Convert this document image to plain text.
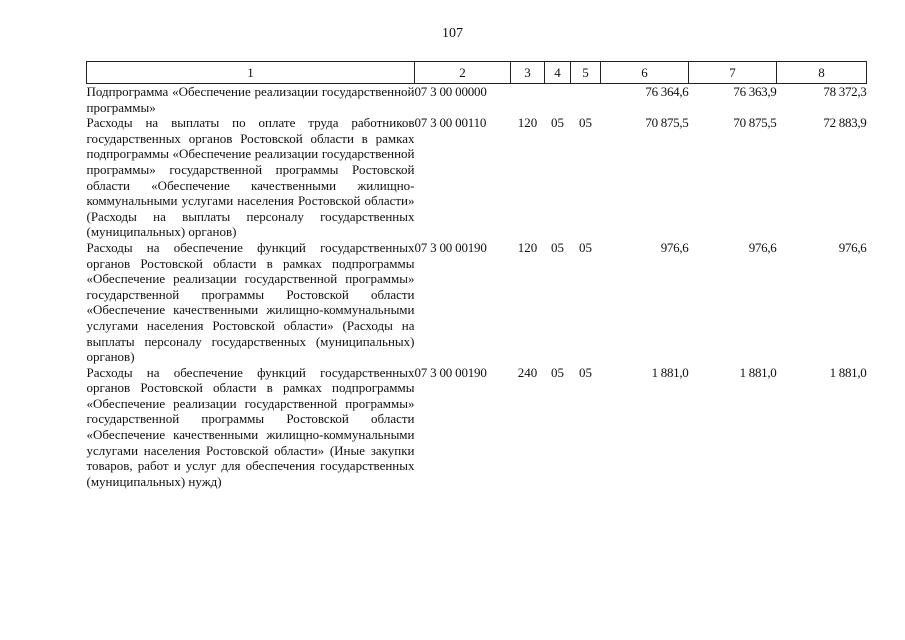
107
1	2	3	4	5	6	7	8
Подпрограмма «Обеспечение реализации государственной программы»	07 3 00 00000				76 364,6	76 363,9	78 372,3
Расходы на выплаты по оплате труда работников государственных органов Ростовской области в рамках подпрограммы «Обеспечение реализации государственной программы» государственной программы Ростовской области «Обеспечение качественными жилищно-коммунальными услугами населения Ростовской области» (Расходы на выплаты персоналу государственных (муниципальных) органов)	07 3 00 00110	120	05	05	70 875,5	70 875,5	72 883,9
Расходы на обеспечение функций государственных органов Ростовской области в рамках подпрограммы «Обеспечение реализации государственной программы» государственной программы Ростовской области «Обеспечение качественными жилищно-коммунальными услугами населения Ростовской области» (Расходы на выплаты персоналу государственных (муниципальных) органов)	07 3 00 00190	120	05	05	976,6	976,6	976,6
Расходы на обеспечение функций государственных органов Ростовской области в рамках подпрограммы «Обеспечение реализации государственной программы» государственной программы Ростовской области «Обеспечение качественными жилищно-коммунальными услугами населения Ростовской области» (Иные закупки товаров, работ и услуг для обеспечения государственных (муниципальных) нужд)	07 3 00 00190	240	05	05	1 881,0	1 881,0	1 881,0
